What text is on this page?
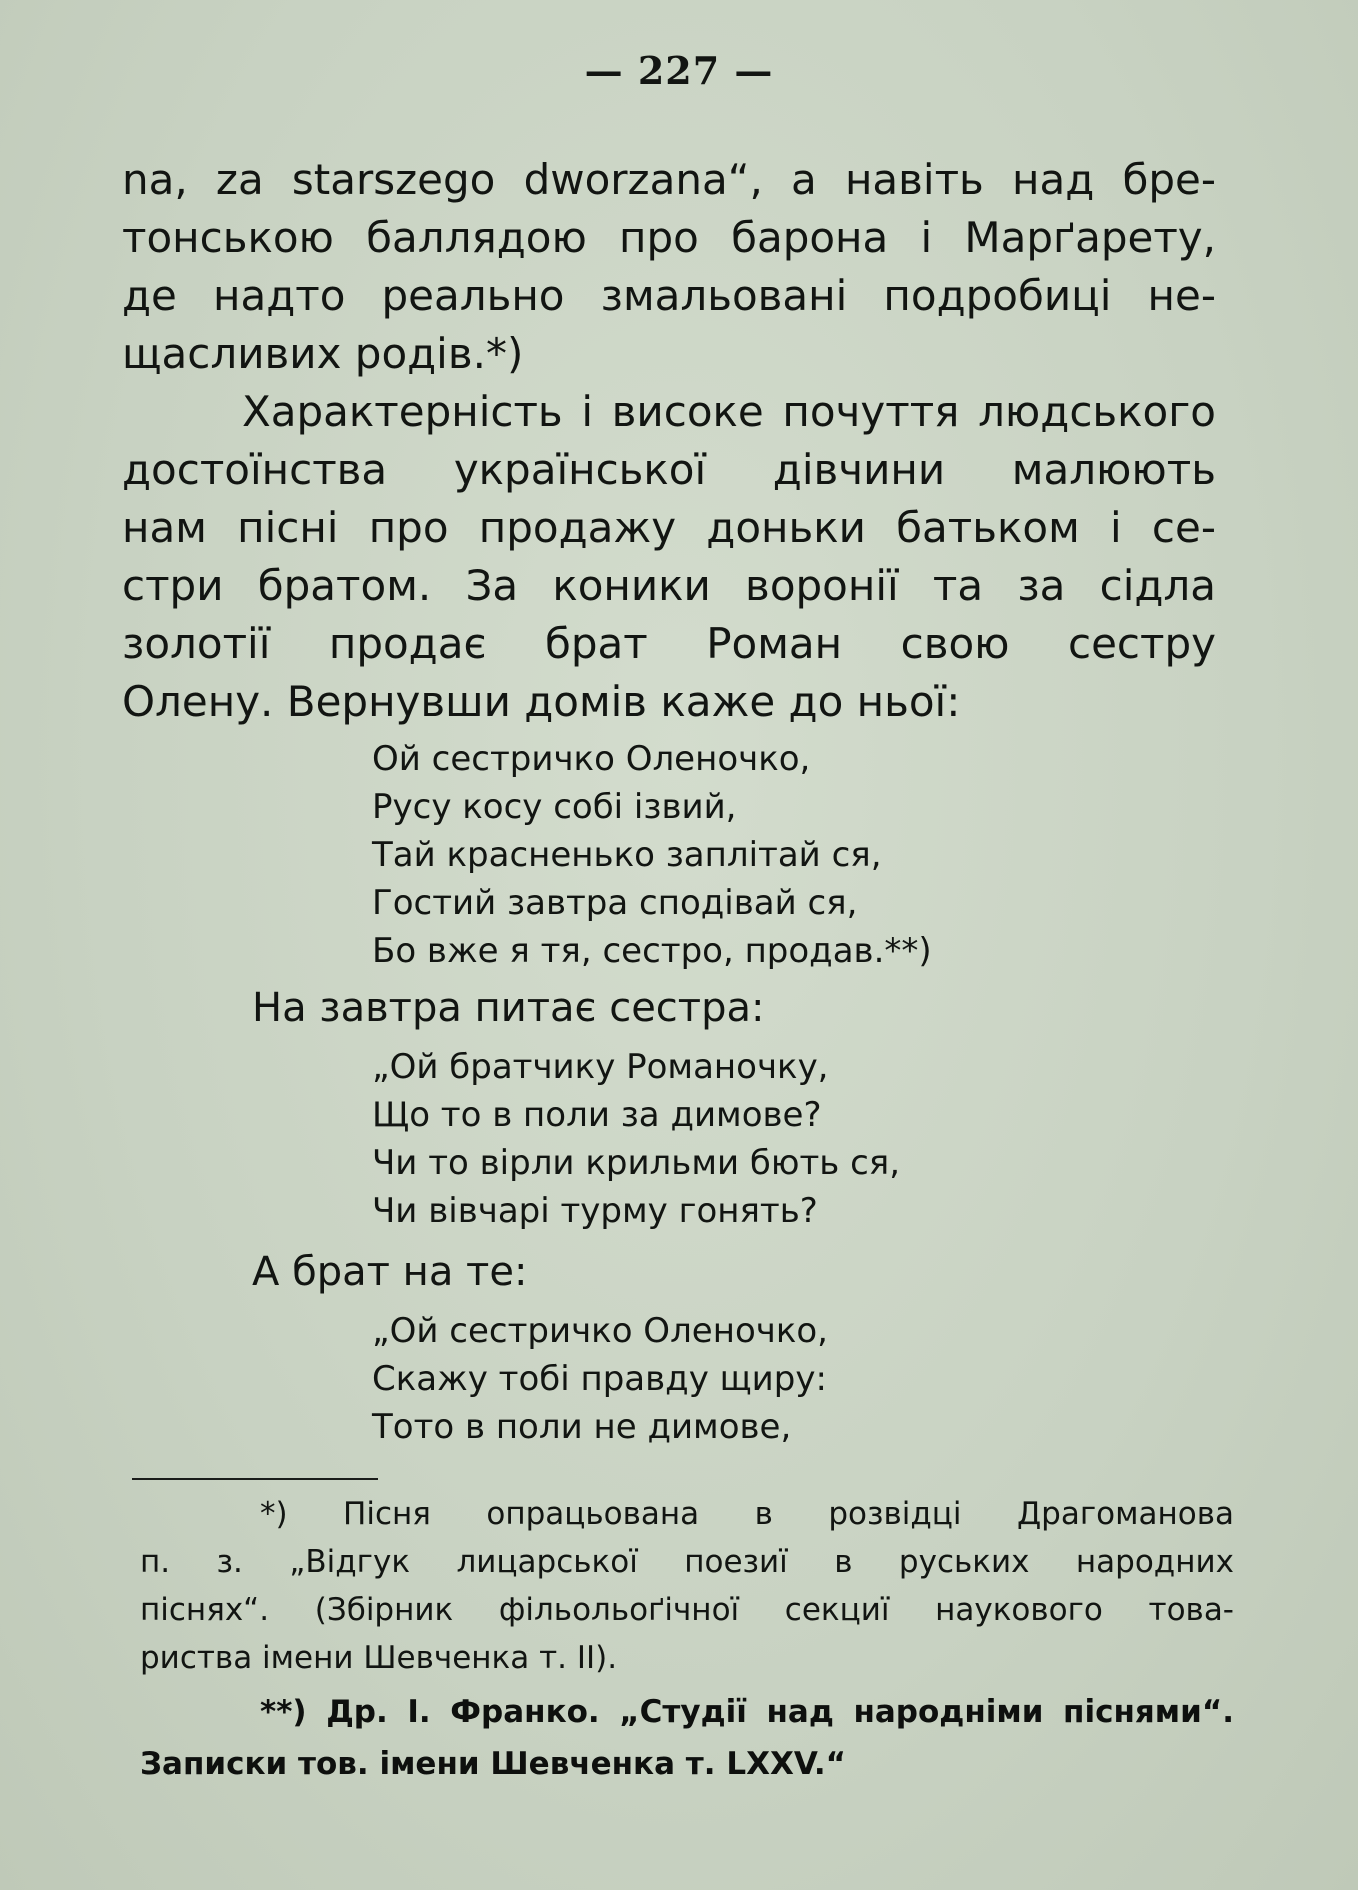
— 227 —
na, za starszego dworzana“, а навіть над бре-
тонською баллядою про барона і Марґарету,
де надто реально змальовані подробиці не-
щасливих родів.*)
Характерність і високе почуття людського
достоїнства української дівчини малюють
нам пісні про продажу доньки батьком і се-
стри братом. За коники воронії та за сідла
золотії продає брат Роман свою сестру
Олену. Вернувши домів каже до ньої:
Ой сестричко Оленочко,
Русу косу собі ізвий,
Тай красненько заплітай ся,
Гостий завтра сподівай ся,
Бо вже я тя, сестро, продав.**)
На завтра питає сестра:
„Ой братчику Романочку,
Що то в поли за димове?
Чи то вірли крильми бють ся,
Чи вівчарі турму гонять?
А брат на те:
„Ой сестричко Оленочко,
Скажу тобі правду щиру:
Тото в поли не димове,
*) Пісня опрацьована в розвідці Драгоманова
п. з. „Відгук лицарської поезиї в руських народних
піснях“. (Збірник фільольоґічної секциї наукового това-
риства імени Шевченка т. II).
**) Др. І. Франко. „Студії над народніми піснями“.
Записки тов. імени Шевченка т. LXXV.“
